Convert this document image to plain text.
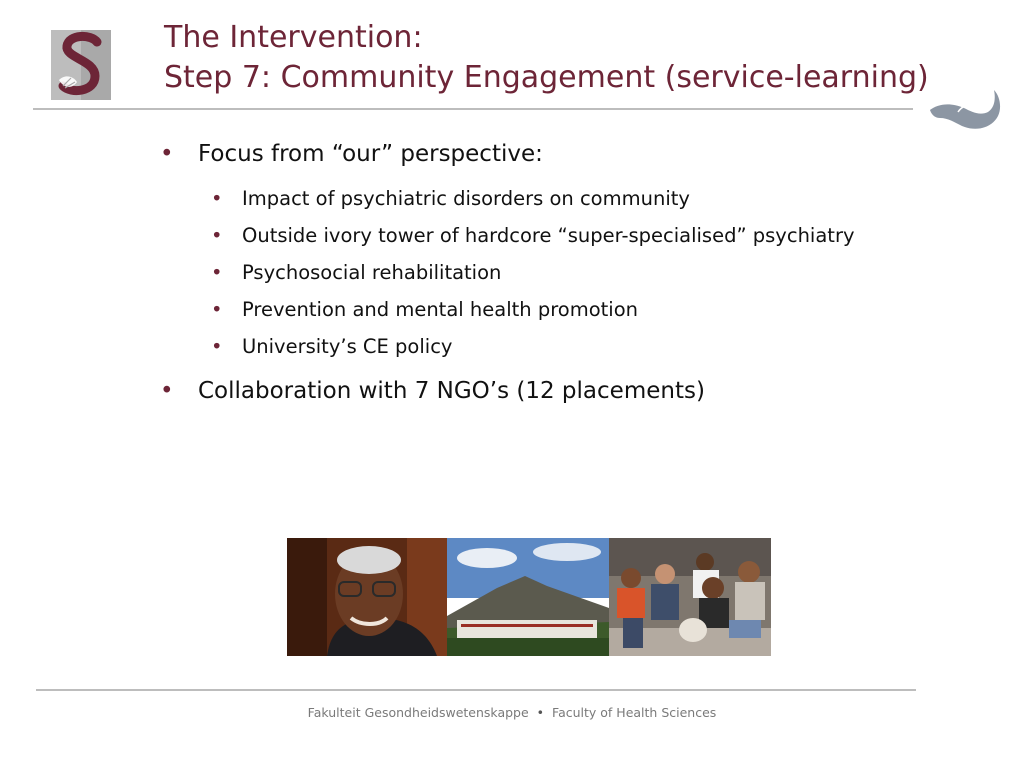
The Intervention:
Step 7: Community Engagement (service-learning)
• Focus from “our” perspective:
• Impact of psychiatric disorders on community
• Outside ivory tower of hardcore “super-specialised” psychiatry
• Psychosocial rehabilitation
• Prevention and mental health promotion
• University’s CE policy
• Collaboration with 7 NGO’s (12 placements)
Fakulteit Gesondheidswetenskappe • Faculty of Health Sciences
